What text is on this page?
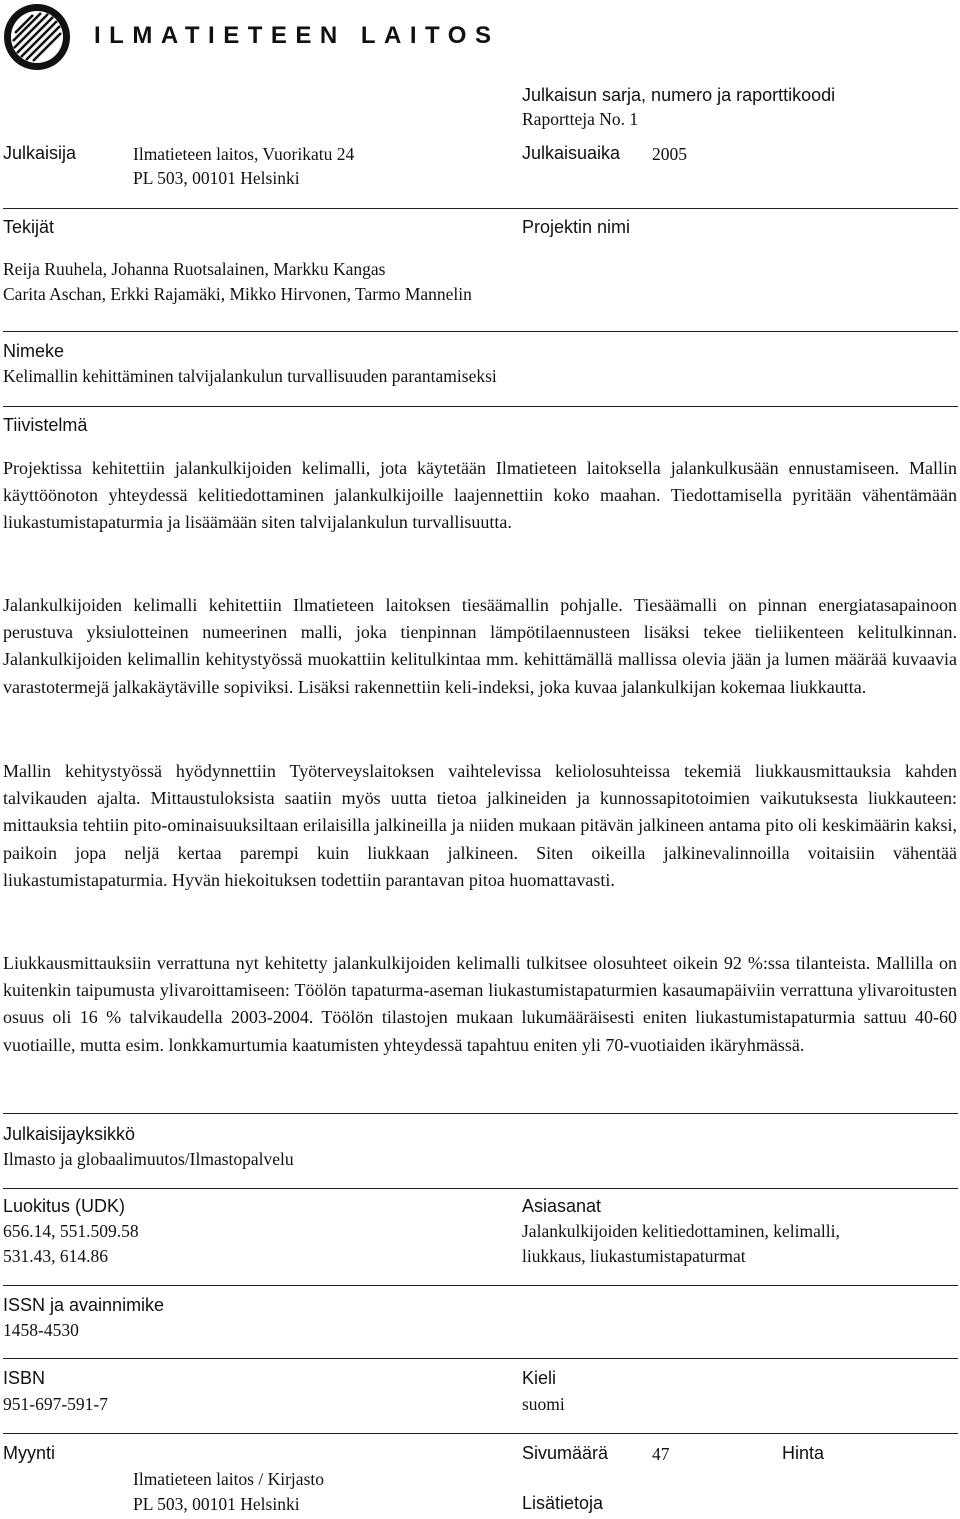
ILMATIETEEN LAITOS
Julkaisun sarja, numero ja raporttikoodi
Raportteja No. 1
Julkaisija	Ilmatieteen laitos, Vuorikatu 24
PL 503, 00101 Helsinki
Julkaisuaika 2005
Tekijät	Projektin nimi
Reija Ruuhela, Johanna Ruotsalainen, Markku Kangas
Carita Aschan, Erkki Rajamäki, Mikko Hirvonen, Tarmo Mannelin
Nimeke
Kelimallin kehittäminen talvijalankulun turvallisuuden parantamiseksi
Tiivistelmä
Projektissa kehitettiin jalankulkijoiden kelimalli, jota käytetään Ilmatieteen laitoksella jalankulkusään ennustamiseen. Mallin käyttöönoton yhteydessä kelitiedottaminen jalankulkijoille laajennettiin koko maahan. Tiedottamisella pyritään vähentämään liukastumistapaturmia ja lisäämään siten talvijalankulun turvallisuutta.
Jalankulkijoiden kelimalli kehitettiin Ilmatieteen laitoksen tiesäämallin pohjalle. Tiesäämalli on pinnan energiatasapainoon perustuva yksiulotteinen numeerinen malli, joka tienpinnan lämpötilaennusteen lisäksi tekee tieliikenteen kelitulkinnan. Jalankulkijoiden kelimallin kehitystyössä muokattiin kelitulkintaa mm. kehittämällä mallissa olevia jään ja lumen määrää kuvaavia varastotermejä jalkakäytäville sopiviksi. Lisäksi rakennettiin keli-indeksi, joka kuvaa jalankulkijan kokemaa liukkautta.
Mallin kehitystyössä hyödynnettiin Työterveyslaitoksen vaihtelevissa keliolosuhteissa tekemiä liukkausmittauksia kahden talvikauden ajalta. Mittaustuloksista saatiin myös uutta tietoa jalkineiden ja kunnossapitotoimien vaikutuksesta liukkauteen: mittauksia tehtiin pito-ominaisuuksiltaan erilaisilla jalkineilla ja niiden mukaan pitävän jalkineen antama pito oli keskimäärin kaksi, paikoin jopa neljä kertaa parempi kuin liukkaan jalkineen. Siten oikeilla jalkinevalinnoilla voitaisiin vähentää liukastumistapaturmia. Hyvän hiekoituksen todettiin parantavan pitoa huomattavasti.
Liukkausmittauksiin verrattuna nyt kehitetty jalankulkijoiden kelimalli tulkitsee olosuhteet oikein 92 %:ssa tilanteista. Mallilla on kuitenkin taipumusta ylivaroittamiseen: Töölön tapaturma-aseman liukastumistapaturmien kasaumapäiviin verrattuna ylivaroitusten osuus oli 16 % talvikaudella 2003-2004. Töölön tilastojen mukaan lukumääräisesti eniten liukastumistapaturmia sattuu 40-60 vuotiaille, mutta esim. lonkkamurtumia kaatumisten yhteydessä tapahtuu eniten yli 70-vuotiaiden ikäryhmässä.
Julkaisijayksikkö
Ilmasto ja globaalimuutos/Ilmastopalvelu
Luokitus (UDK)
656.14, 551.509.58
531.43, 614.86
Asiasanat
Jalankulkijoiden kelitiedottaminen, kelimalli,
liukkaus, liukastumistapaturmat
ISSN ja avainnimike
1458-4530
ISBN
951-697-591-7
Kieli
suomi
Myynti	Sivumäärä	47	Hinta
Ilmatieteen laitos / Kirjasto
PL 503, 00101 Helsinki	Lisätietoja
